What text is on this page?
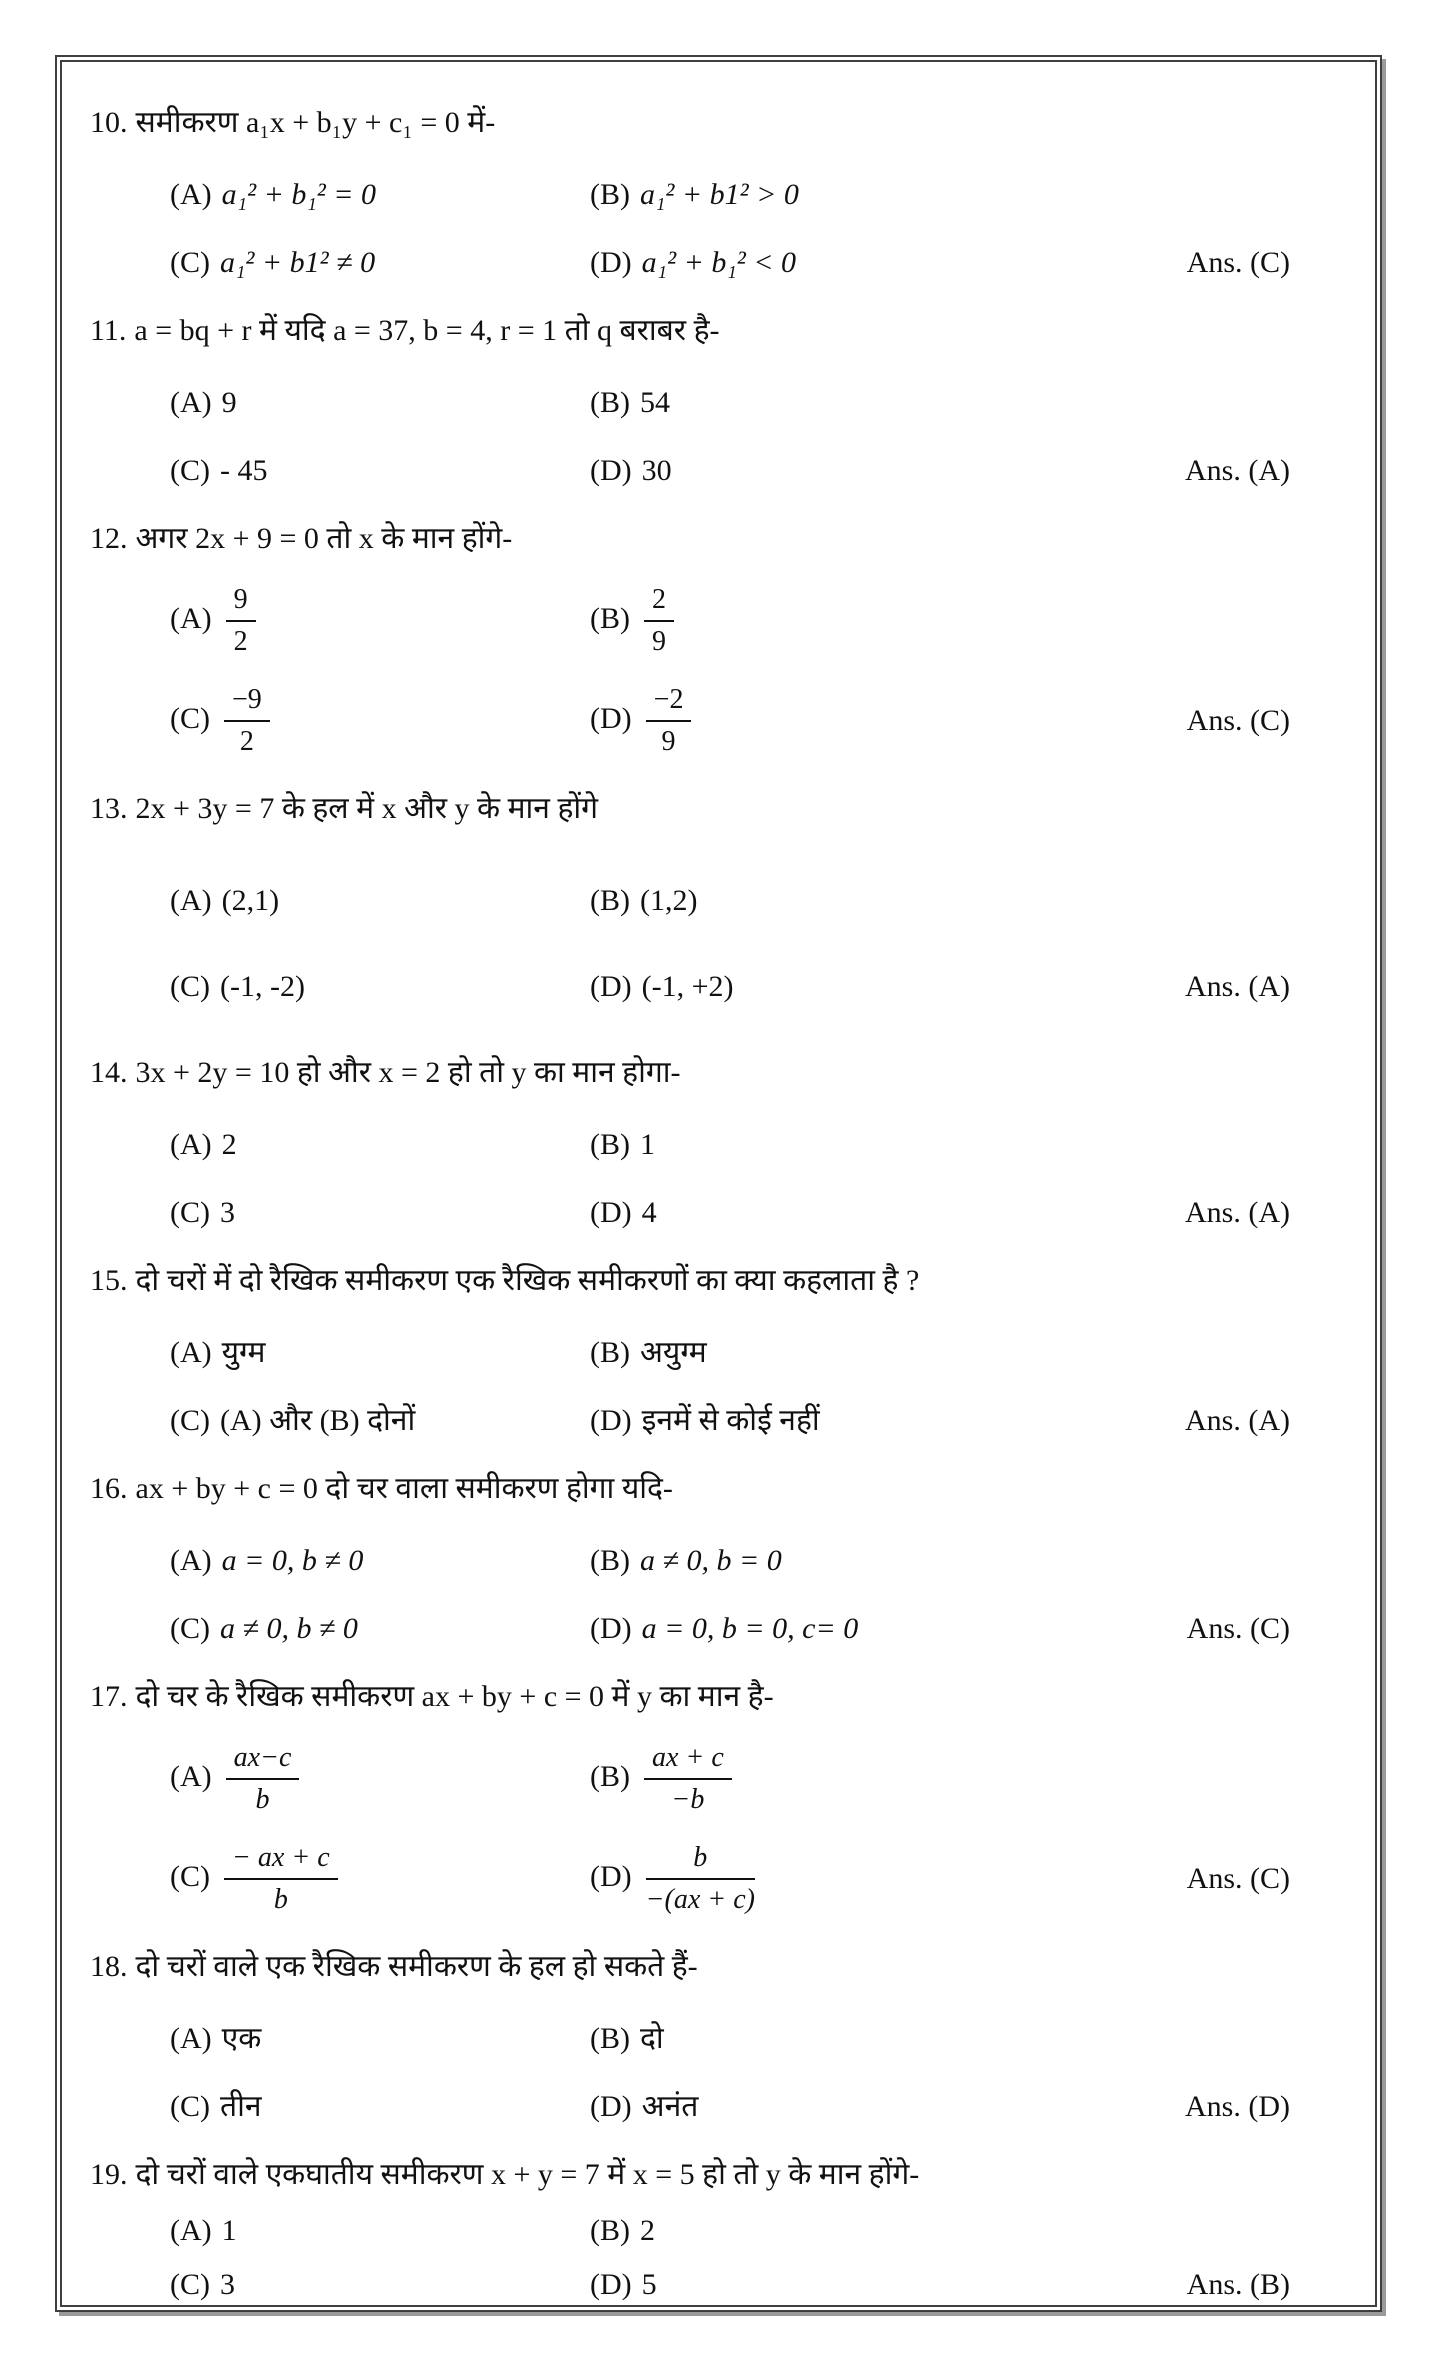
10. समीकरण a₁x + b₁y + c₁ = 0 में-
(A) a₁² + b₁² = 0	(B) a₁² + b1² > 0
(C) a₁² + b1² ≠ 0	(D) a₁² + b₁² < 0	Ans. (C)
11. a = bq + r में यदि a = 37, b = 4, r = 1 तो q बराबर है-
(A) 9	(B) 54
(C) - 45	(D) 30	Ans. (A)
12. अगर 2x + 9 = 0 तो x के मान होंगे-
$(A) \frac{9}{2}$	$(B) \frac{2}{9}$
$(C) \frac{-9}{2}$	$(D) \frac{-2}{9}$	Ans. (C)
13. 2x + 3y = 7 के हल में x और y के मान होंगे
(A) (2,1)	(B) (1,2)
(C) (-1, -2)	(D) (-1, +2)	Ans. (A)
14. 3x + 2y = 10 हो और x = 2 हो तो y का मान होगा-
(A) 2	(B) 1
(C) 3	(D) 4	Ans. (A)
15. दो चरों में दो रैखिक समीकरण एक रैखिक समीकरणों का क्या कहलाता है ?
(A) युग्म	(B) अयुग्म
(C) (A) और (B) दोनों	(D) इनमें से कोई नहीं	Ans. (A)
16. ax + by + c = 0 दो चर वाला समीकरण होगा यदि-
(A) a = 0, b ≠ 0	(B) a ≠ 0, b = 0
(C) a ≠ 0, b ≠ 0	(D) a = 0, b = 0, c= 0	Ans. (C)
17. दो चर के रैखिक समीकरण ax + by + c = 0 में y का मान है-
$(A) \frac{ax-c}{b}$	$(B) \frac{ax + c}{-b}$
$(C) \frac{- ax + c}{b}$	$(D) \frac{b}{-(ax + c)}$	Ans. (C)
18. दो चरों वाले एक रैखिक समीकरण के हल हो सकते हैं-
(A) एक	(B) दो
(C) तीन	(D) अनंत	Ans. (D)
19. दो चरों वाले एकघातीय समीकरण x + y = 7 में x = 5 हो तो y के मान होंगे-
(A) 1	(B) 2
(C) 3	(D) 5	Ans. (B)
